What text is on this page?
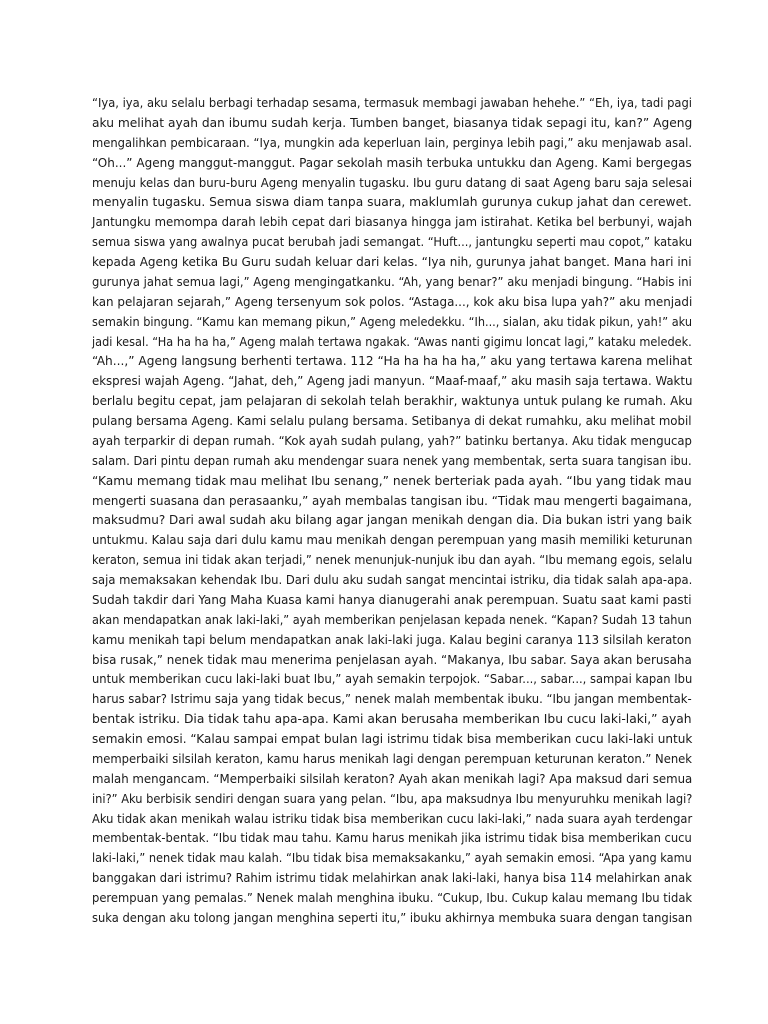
“Iya, iya, aku selalu berbagi terhadap sesama, termasuk membagi jawaban hehehe.” “Eh, iya, tadi pagi
aku melihat ayah dan ibumu sudah kerja. Tumben banget, biasanya tidak sepagi itu, kan?” Ageng
mengalihkan pembicaraan. “Iya, mungkin ada keperluan lain, perginya lebih pagi,” aku menjawab asal.
“Oh...” Ageng manggut-manggut. Pagar sekolah masih terbuka untukku dan Ageng. Kami bergegas
menuju kelas dan buru-buru Ageng menyalin tugasku. Ibu guru datang di saat Ageng baru saja selesai
menyalin tugasku. Semua siswa diam tanpa suara, maklumlah gurunya cukup jahat dan cerewet.
Jantungku memompa darah lebih cepat dari biasanya hingga jam istirahat. Ketika bel berbunyi, wajah
semua siswa yang awalnya pucat berubah jadi semangat. “Huft..., jantungku seperti mau copot,” kataku
kepada Ageng ketika Bu Guru sudah keluar dari kelas. “Iya nih, gurunya jahat banget. Mana hari ini
gurunya jahat semua lagi,” Ageng mengingatkanku. “Ah, yang benar?” aku menjadi bingung. “Habis ini
kan pelajaran sejarah,” Ageng tersenyum sok polos. “Astaga..., kok aku bisa lupa yah?” aku menjadi
semakin bingung. “Kamu kan memang pikun,” Ageng meledekku. “Ih..., sialan, aku tidak pikun, yah!” aku
jadi kesal. “Ha ha ha ha,” Ageng malah tertawa ngakak. “Awas nanti gigimu loncat lagi,” kataku meledek.
“Ah...,” Ageng langsung berhenti tertawa. 112 “Ha ha ha ha ha,” aku yang tertawa karena melihat
ekspresi wajah Ageng. “Jahat, deh,” Ageng jadi manyun. “Maaf-maaf,” aku masih saja tertawa. Waktu
berlalu begitu cepat, jam pelajaran di sekolah telah berakhir, waktunya untuk pulang ke rumah. Aku
pulang bersama Ageng. Kami selalu pulang bersama. Setibanya di dekat rumahku, aku melihat mobil
ayah terparkir di depan rumah. “Kok ayah sudah pulang, yah?” batinku bertanya. Aku tidak mengucap
salam. Dari pintu depan rumah aku mendengar suara nenek yang membentak, serta suara tangisan ibu.
“Kamu memang tidak mau melihat Ibu senang,” nenek berteriak pada ayah. “Ibu yang tidak mau
mengerti suasana dan perasaanku,” ayah membalas tangisan ibu. “Tidak mau mengerti bagaimana,
maksudmu? Dari awal sudah aku bilang agar jangan menikah dengan dia. Dia bukan istri yang baik
untukmu. Kalau saja dari dulu kamu mau menikah dengan perempuan yang masih memiliki keturunan
keraton, semua ini tidak akan terjadi,” nenek menunjuk-nunjuk ibu dan ayah. “Ibu memang egois, selalu
saja memaksakan kehendak Ibu. Dari dulu aku sudah sangat mencintai istriku, dia tidak salah apa-apa.
Sudah takdir dari Yang Maha Kuasa kami hanya dianugerahi anak perempuan. Suatu saat kami pasti
akan mendapatkan anak laki-laki,” ayah memberikan penjelasan kepada nenek. “Kapan? Sudah 13 tahun
kamu menikah tapi belum mendapatkan anak laki-laki juga. Kalau begini caranya 113 silsilah keraton
bisa rusak,” nenek tidak mau menerima penjelasan ayah. “Makanya, Ibu sabar. Saya akan berusaha
untuk memberikan cucu laki-laki buat Ibu,” ayah semakin terpojok. “Sabar..., sabar..., sampai kapan Ibu
harus sabar? Istrimu saja yang tidak becus,” nenek malah membentak ibuku. “Ibu jangan membentak-
bentak istriku. Dia tidak tahu apa-apa. Kami akan berusaha memberikan Ibu cucu laki-laki,” ayah
semakin emosi. “Kalau sampai empat bulan lagi istrimu tidak bisa memberikan cucu laki-laki untuk
memperbaiki silsilah keraton, kamu harus menikah lagi dengan perempuan keturunan keraton.” Nenek
malah mengancam. “Memperbaiki silsilah keraton? Ayah akan menikah lagi? Apa maksud dari semua
ini?” Aku berbisik sendiri dengan suara yang pelan. “Ibu, apa maksudnya Ibu menyuruhku menikah lagi?
Aku tidak akan menikah walau istriku tidak bisa memberikan cucu laki-laki,” nada suara ayah terdengar
membentak-bentak. “Ibu tidak mau tahu. Kamu harus menikah jika istrimu tidak bisa memberikan cucu
laki-laki,” nenek tidak mau kalah. “Ibu tidak bisa memaksakanku,” ayah semakin emosi. “Apa yang kamu
banggakan dari istrimu? Rahim istrimu tidak melahirkan anak laki-laki, hanya bisa 114 melahirkan anak
perempuan yang pemalas.” Nenek malah menghina ibuku. “Cukup, Ibu. Cukup kalau memang Ibu tidak
suka dengan aku tolong jangan menghina seperti itu,” ibuku akhirnya membuka suara dengan tangisan
